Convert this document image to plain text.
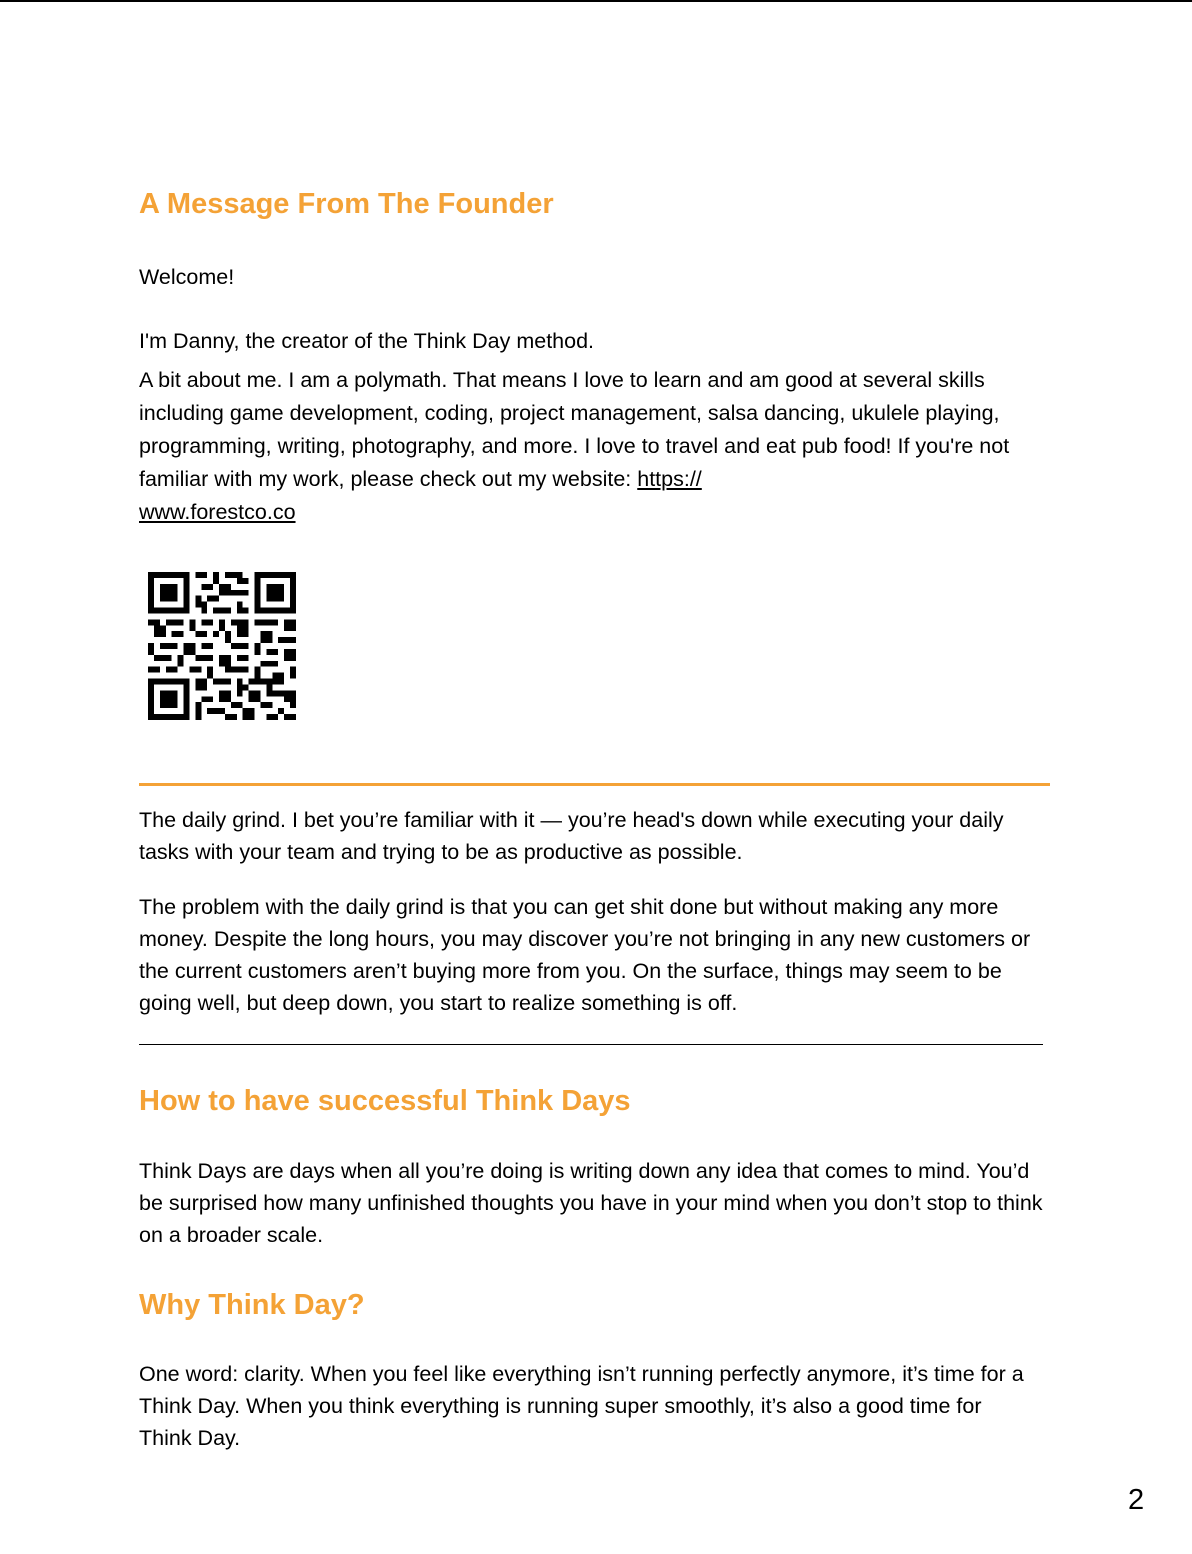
A Message From The Founder

Welcome!

I'm Danny, the creator of the Think Day method.

A bit about me. I am a polymath. That means I love to learn and am good at several skills including game development, coding, project management, salsa dancing, ukulele playing, programming, writing, photography, and more. I love to travel and eat pub food! If you're not familiar with my work, please check out my website: https://
www.forestco.co

The daily grind. I bet you’re familiar with it — you’re head's down while executing your daily tasks with your team and trying to be as productive as possible.

The problem with the daily grind is that you can get shit done but without making any more money. Despite the long hours, you may discover you’re not bringing in any new customers or the current customers aren’t buying more from you. On the surface, things may seem to be going well, but deep down, you start to realize something is off.

How to have successful Think Days

Think Days are days when all you’re doing is writing down any idea that comes to mind. You’d be surprised how many unfinished thoughts you have in your mind when you don’t stop to think on a broader scale.

Why Think Day?

One word: clarity. When you feel like everything isn’t running perfectly anymore, it’s time for a Think Day. When you think everything is running super smoothly, it’s also a good time for Think Day.

2
